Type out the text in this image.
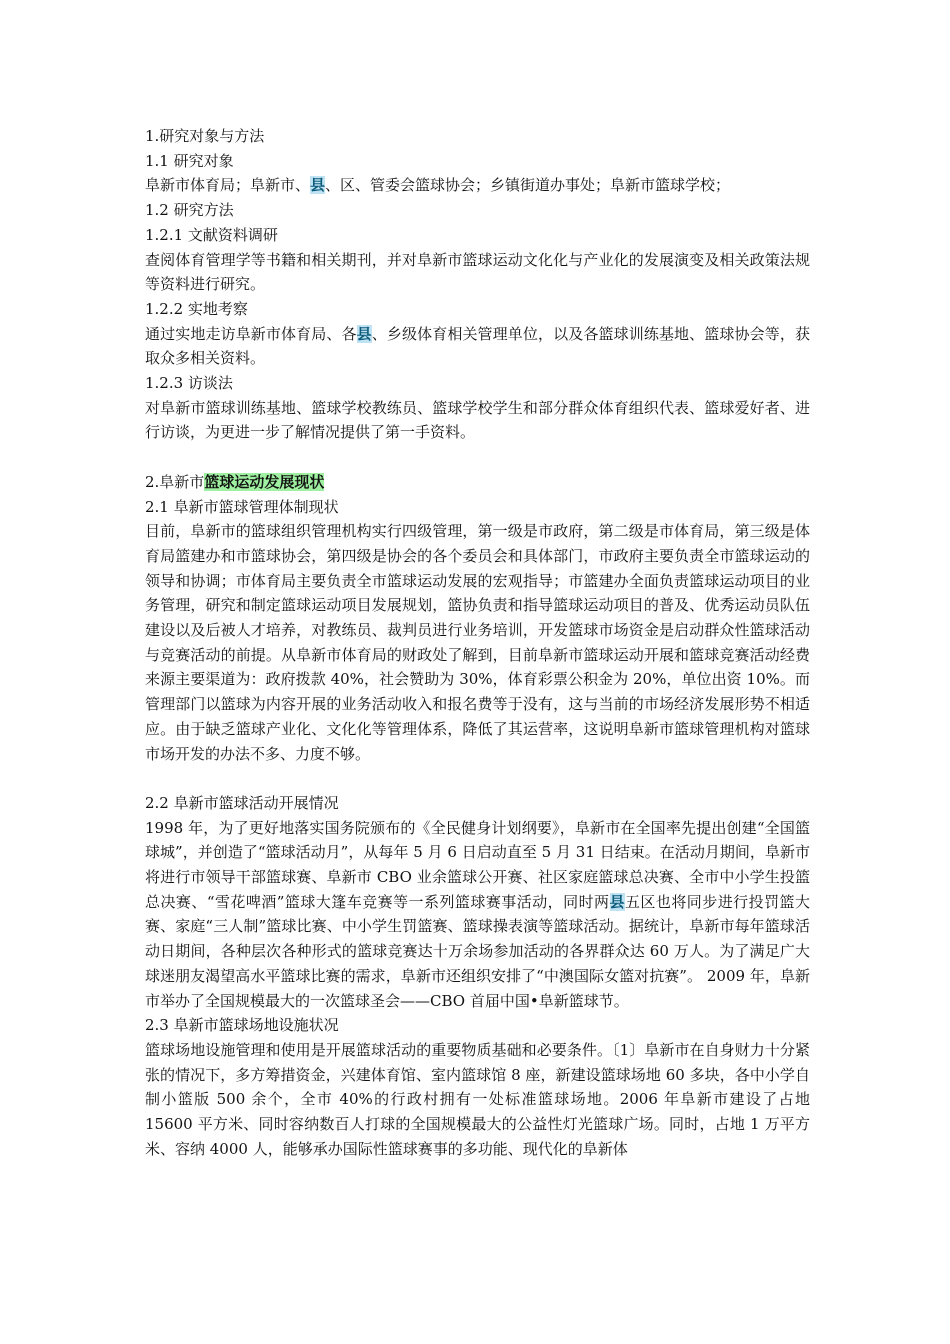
1.研究对象与方法

1.1 研究对象

阜新市体育局；阜新市、县、区、管委会篮球协会；乡镇街道办事处；阜新市篮球学校；

1.2 研究方法

1.2.1 文献资料调研

查阅体育管理学等书籍和相关期刊，并对阜新市篮球运动文化化与产业化的发展演变及相关政策法规等资料进行研究。

1.2.2 实地考察

通过实地走访阜新市体育局、各县、乡级体育相关管理单位，以及各篮球训练基地、篮球协会等，获取众多相关资料。

1.2.3 访谈法

对阜新市篮球训练基地、篮球学校教练员、篮球学校学生和部分群众体育组织代表、篮球爱好者、进行访谈，为更进一步了解情况提供了第一手资料。

2.阜新市篮球运动发展现状

2.1 阜新市篮球管理体制现状

目前，阜新市的篮球组织管理机构实行四级管理，第一级是市政府，第二级是市体育局，第三级是体育局篮建办和市篮球协会，第四级是协会的各个委员会和具体部门，市政府主要负责全市篮球运动的领导和协调；市体育局主要负责全市篮球运动发展的宏观指导；市篮建办全面负责篮球运动项目的业务管理，研究和制定篮球运动项目发展规划，篮协负责和指导篮球运动项目的普及、优秀运动员队伍建设以及后被人才培养，对教练员、裁判员进行业务培训，开发篮球市场资金是启动群众性篮球活动与竞赛活动的前提。从阜新市体育局的财政处了解到，目前阜新市篮球运动开展和篮球竞赛活动经费来源主要渠道为：政府拨款 40%，社会赞助为 30%，体育彩票公积金为 20%，单位出资 10%。而管理部门以篮球为内容开展的业务活动收入和报名费等于没有，这与当前的市场经济发展形势不相适应。由于缺乏篮球产业化、文化化等管理体系，降低了其运营率，这说明阜新市篮球管理机构对篮球市场开发的办法不多、力度不够。

2.2 阜新市篮球活动开展情况

1998 年，为了更好地落实国务院颁布的《全民健身计划纲要》，阜新市在全国率先提出创建“全国篮球城”，并创造了“篮球活动月”，从每年 5 月 6 日启动直至 5 月 31 日结束。在活动月期间，阜新市将进行市领导干部篮球赛、阜新市 CBO 业余篮球公开赛、社区家庭篮球总决赛、全市中小学生投篮总决赛、“雪花啤酒”篮球大篷车竞赛等一系列篮球赛事活动，同时两县五区也将同步进行投罚篮大赛、家庭“三人制”篮球比赛、中小学生罚篮赛、篮球操表演等篮球活动。据统计，阜新市每年篮球活动日期间，各种层次各种形式的篮球竞赛达十万余场参加活动的各界群众达 60 万人。为了满足广大球迷朋友渴望高水平篮球比赛的需求，阜新市还组织安排了“中澳国际女篮对抗赛”。 2009 年，阜新市举办了全国规模最大的一次篮球圣会——CBO 首届中国•阜新篮球节。

2.3 阜新市篮球场地设施状况

篮球场地设施管理和使用是开展篮球活动的重要物质基础和必要条件。〔1〕阜新市在自身财力十分紧张的情况下，多方筹措资金，兴建体育馆、室内篮球馆 8 座，新建设篮球场地 60 多块，各中小学自制小篮版 500 余个，全市 40%的行政村拥有一处标准篮球场地。2006 年阜新市建设了占地 15600 平方米、同时容纳数百人打球的全国规模最大的公益性灯光篮球广场。同时，占地 1 万平方米、容纳 4000 人，能够承办国际性篮球赛事的多功能、现代化的阜新体
